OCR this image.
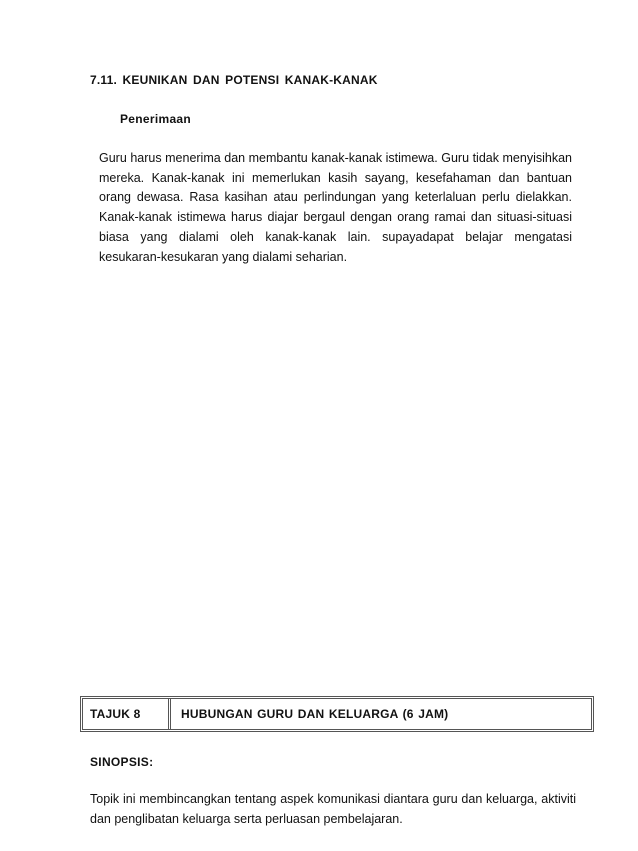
7.11. KEUNIKAN DAN POTENSI KANAK-KANAK
Penerimaan
Guru harus menerima dan membantu kanak-kanak istimewa. Guru tidak menyisihkan mereka. Kanak-kanak ini memerlukan kasih sayang, kesefahaman dan bantuan orang dewasa. Rasa kasihan atau perlindungan yang keterlaluan perlu dielakkan. Kanak-kanak istimewa harus diajar bergaul dengan orang ramai dan situasi-situasi biasa yang dialami oleh kanak-kanak lain. supayadapat belajar mengatasi kesukaran-kesukaran yang dialami seharian.
TAJUK 8	HUBUNGAN GURU DAN KELUARGA (6 JAM)
SINOPSIS:
Topik ini membincangkan tentang aspek komunikasi diantara guru dan keluarga, aktiviti dan penglibatan keluarga serta perluasan pembelajaran.
